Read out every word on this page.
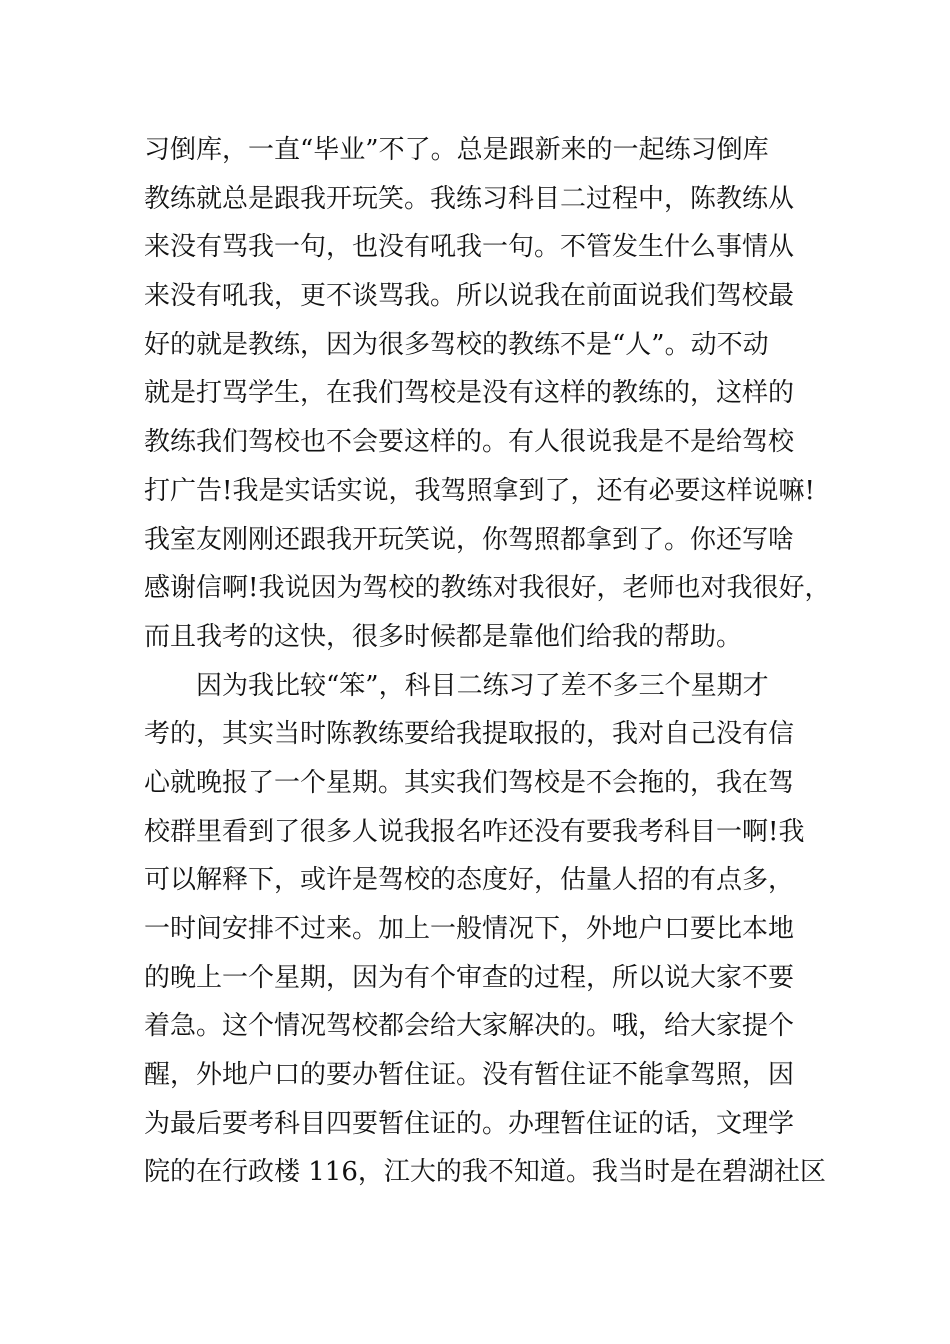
习倒库，一直“毕业”不了。总是跟新来的一起练习倒库
教练就总是跟我开玩笑。我练习科目二过程中，陈教练从
来没有骂我一句，也没有吼我一句。不管发生什么事情从
来没有吼我，更不谈骂我。所以说我在前面说我们驾校最
好的就是教练，因为很多驾校的教练不是“人”。动不动
就是打骂学生，在我们驾校是没有这样的教练的，这样的
教练我们驾校也不会要这样的。有人很说我是不是给驾校
打广告!我是实话实说，我驾照拿到了，还有必要这样说嘛!
我室友刚刚还跟我开玩笑说，你驾照都拿到了。你还写啥
感谢信啊!我说因为驾校的教练对我很好，老师也对我很好，
而且我考的这快，很多时候都是靠他们给我的帮助。
因为我比较“笨”，科目二练习了差不多三个星期才
考的，其实当时陈教练要给我提取报的，我对自己没有信
心就晚报了一个星期。其实我们驾校是不会拖的，我在驾
校群里看到了很多人说我报名咋还没有要我考科目一啊!我
可以解释下，或许是驾校的态度好，估量人招的有点多，
一时间安排不过来。加上一般情况下，外地户口要比本地
的晚上一个星期，因为有个审查的过程，所以说大家不要
着急。这个情况驾校都会给大家解决的。哦，给大家提个
醒，外地户口的要办暂住证。没有暂住证不能拿驾照，因
为最后要考科目四要暂住证的。办理暂住证的话，文理学
院的在行政楼 116，江大的我不知道。我当时是在碧湖社区
